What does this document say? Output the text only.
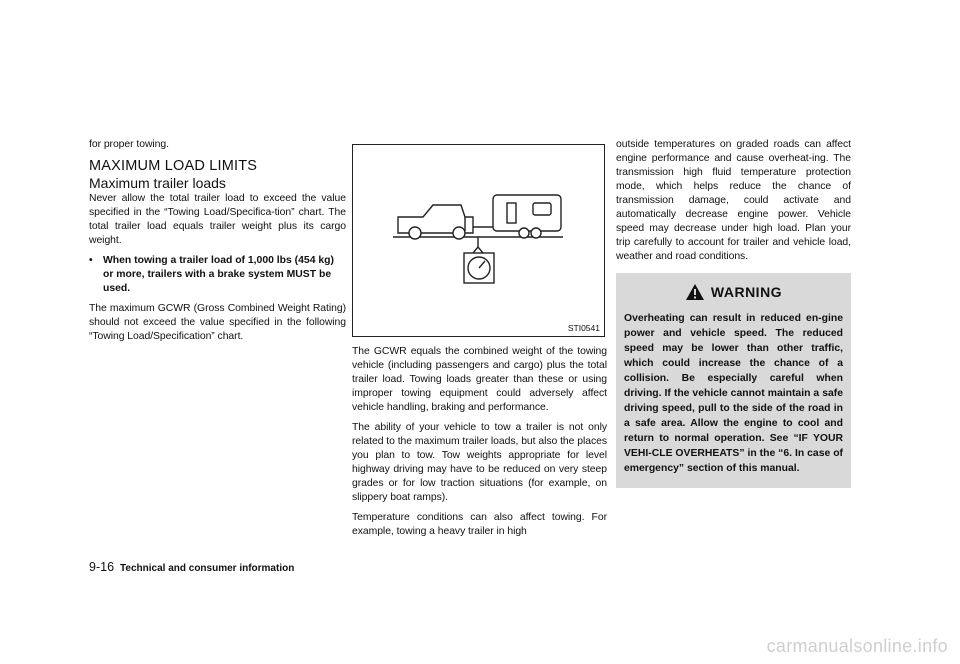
for proper towing.

MAXIMUM LOAD LIMITS
Maximum trailer loads

Never allow the total trailer load to exceed the value specified in the “Towing Load/Specifica-tion” chart. The total trailer load equals trailer weight plus its cargo weight.

• When towing a trailer load of 1,000 lbs (454 kg) or more, trailers with a brake system MUST be used.

The maximum GCWR (Gross Combined Weight Rating) should not exceed the value specified in the following “Towing Load/Specification” chart.

STI0541

The GCWR equals the combined weight of the towing vehicle (including passengers and cargo) plus the total trailer load. Towing loads greater than these or using improper towing equipment could adversely affect vehicle handling, braking and performance.

The ability of your vehicle to tow a trailer is not only related to the maximum trailer loads, but also the places you plan to tow. Tow weights appropriate for level highway driving may have to be reduced on very steep grades or for low traction situations (for example, on slippery boat ramps).

Temperature conditions can also affect towing. For example, towing a heavy trailer in high

outside temperatures on graded roads can affect engine performance and cause overheat-ing. The transmission high fluid temperature protection mode, which helps reduce the chance of transmission damage, could activate and automatically decrease engine power. Vehicle speed may decrease under high load. Plan your trip carefully to account for trailer and vehicle load, weather and road conditions.

WARNING

Overheating can result in reduced en-gine power and vehicle speed. The reduced speed may be lower than other traffic, which could increase the chance of a collision. Be especially careful when driving. If the vehicle cannot maintain a safe driving speed, pull to the side of the road in a safe area. Allow the engine to cool and return to normal operation. See “IF YOUR VEHI-CLE OVERHEATS” in the “6. In case of emergency” section of this manual.

9-16 Technical and consumer information
carmanualsonline.info
